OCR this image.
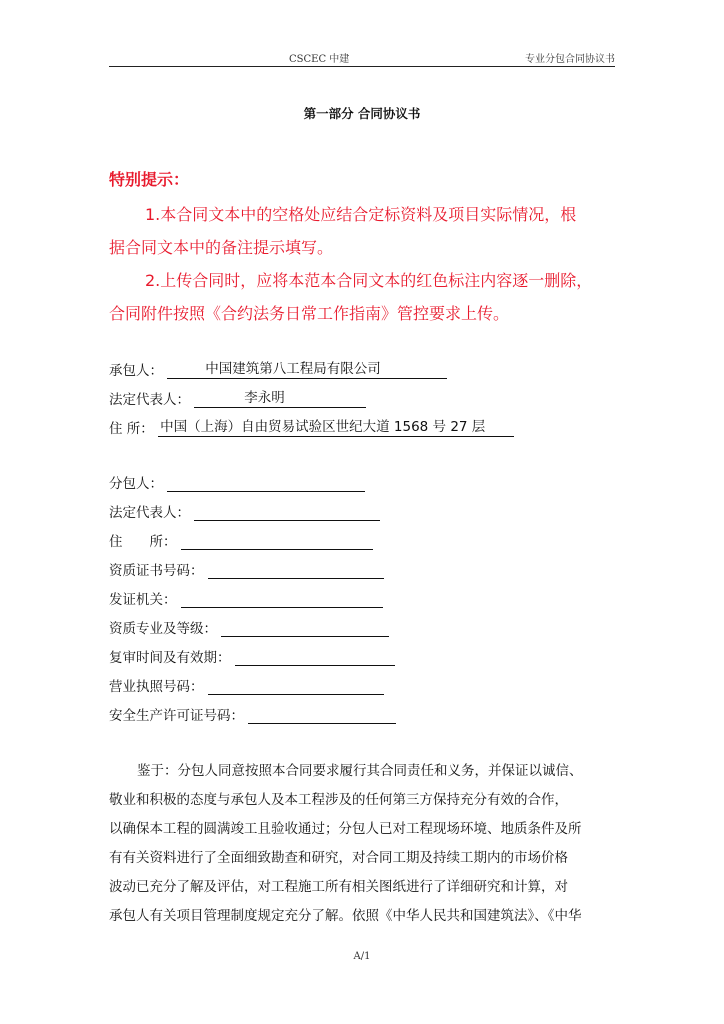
CSCEC 中建	专业分包合同协议书
第一部分 合同协议书
特别提示：
1.本合同文本中的空格处应结合定标资料及项目实际情况，根
据合同文本中的备注提示填写。
2.上传合同时，应将本范本合同文本的红色标注内容逐一删除，
合同附件按照《合约法务日常工作指南》管控要求上传。
承包人：	中国建筑第八工程局有限公司
法定代表人：	李永明
住 所： 中国（上海）自由贸易试验区世纪大道 1568 号 27 层
分包人：
法定代表人：
住　　所：
资质证书号码：
发证机关：
资质专业及等级：
复审时间及有效期：
营业执照号码：
安全生产许可证号码：
鉴于：分包人同意按照本合同要求履行其合同责任和义务，并保证以诚信、
敬业和积极的态度与承包人及本工程涉及的任何第三方保持充分有效的合作，
以确保本工程的圆满竣工且验收通过；分包人已对工程现场环境、地质条件及所
有有关资料进行了全面细致勘查和研究，对合同工期及持续工期内的市场价格
波动已充分了解及评估，对工程施工所有相关图纸进行了详细研究和计算，对
承包人有关项目管理制度规定充分了解。依照《中华人民共和国建筑法》、《中华
A/1
